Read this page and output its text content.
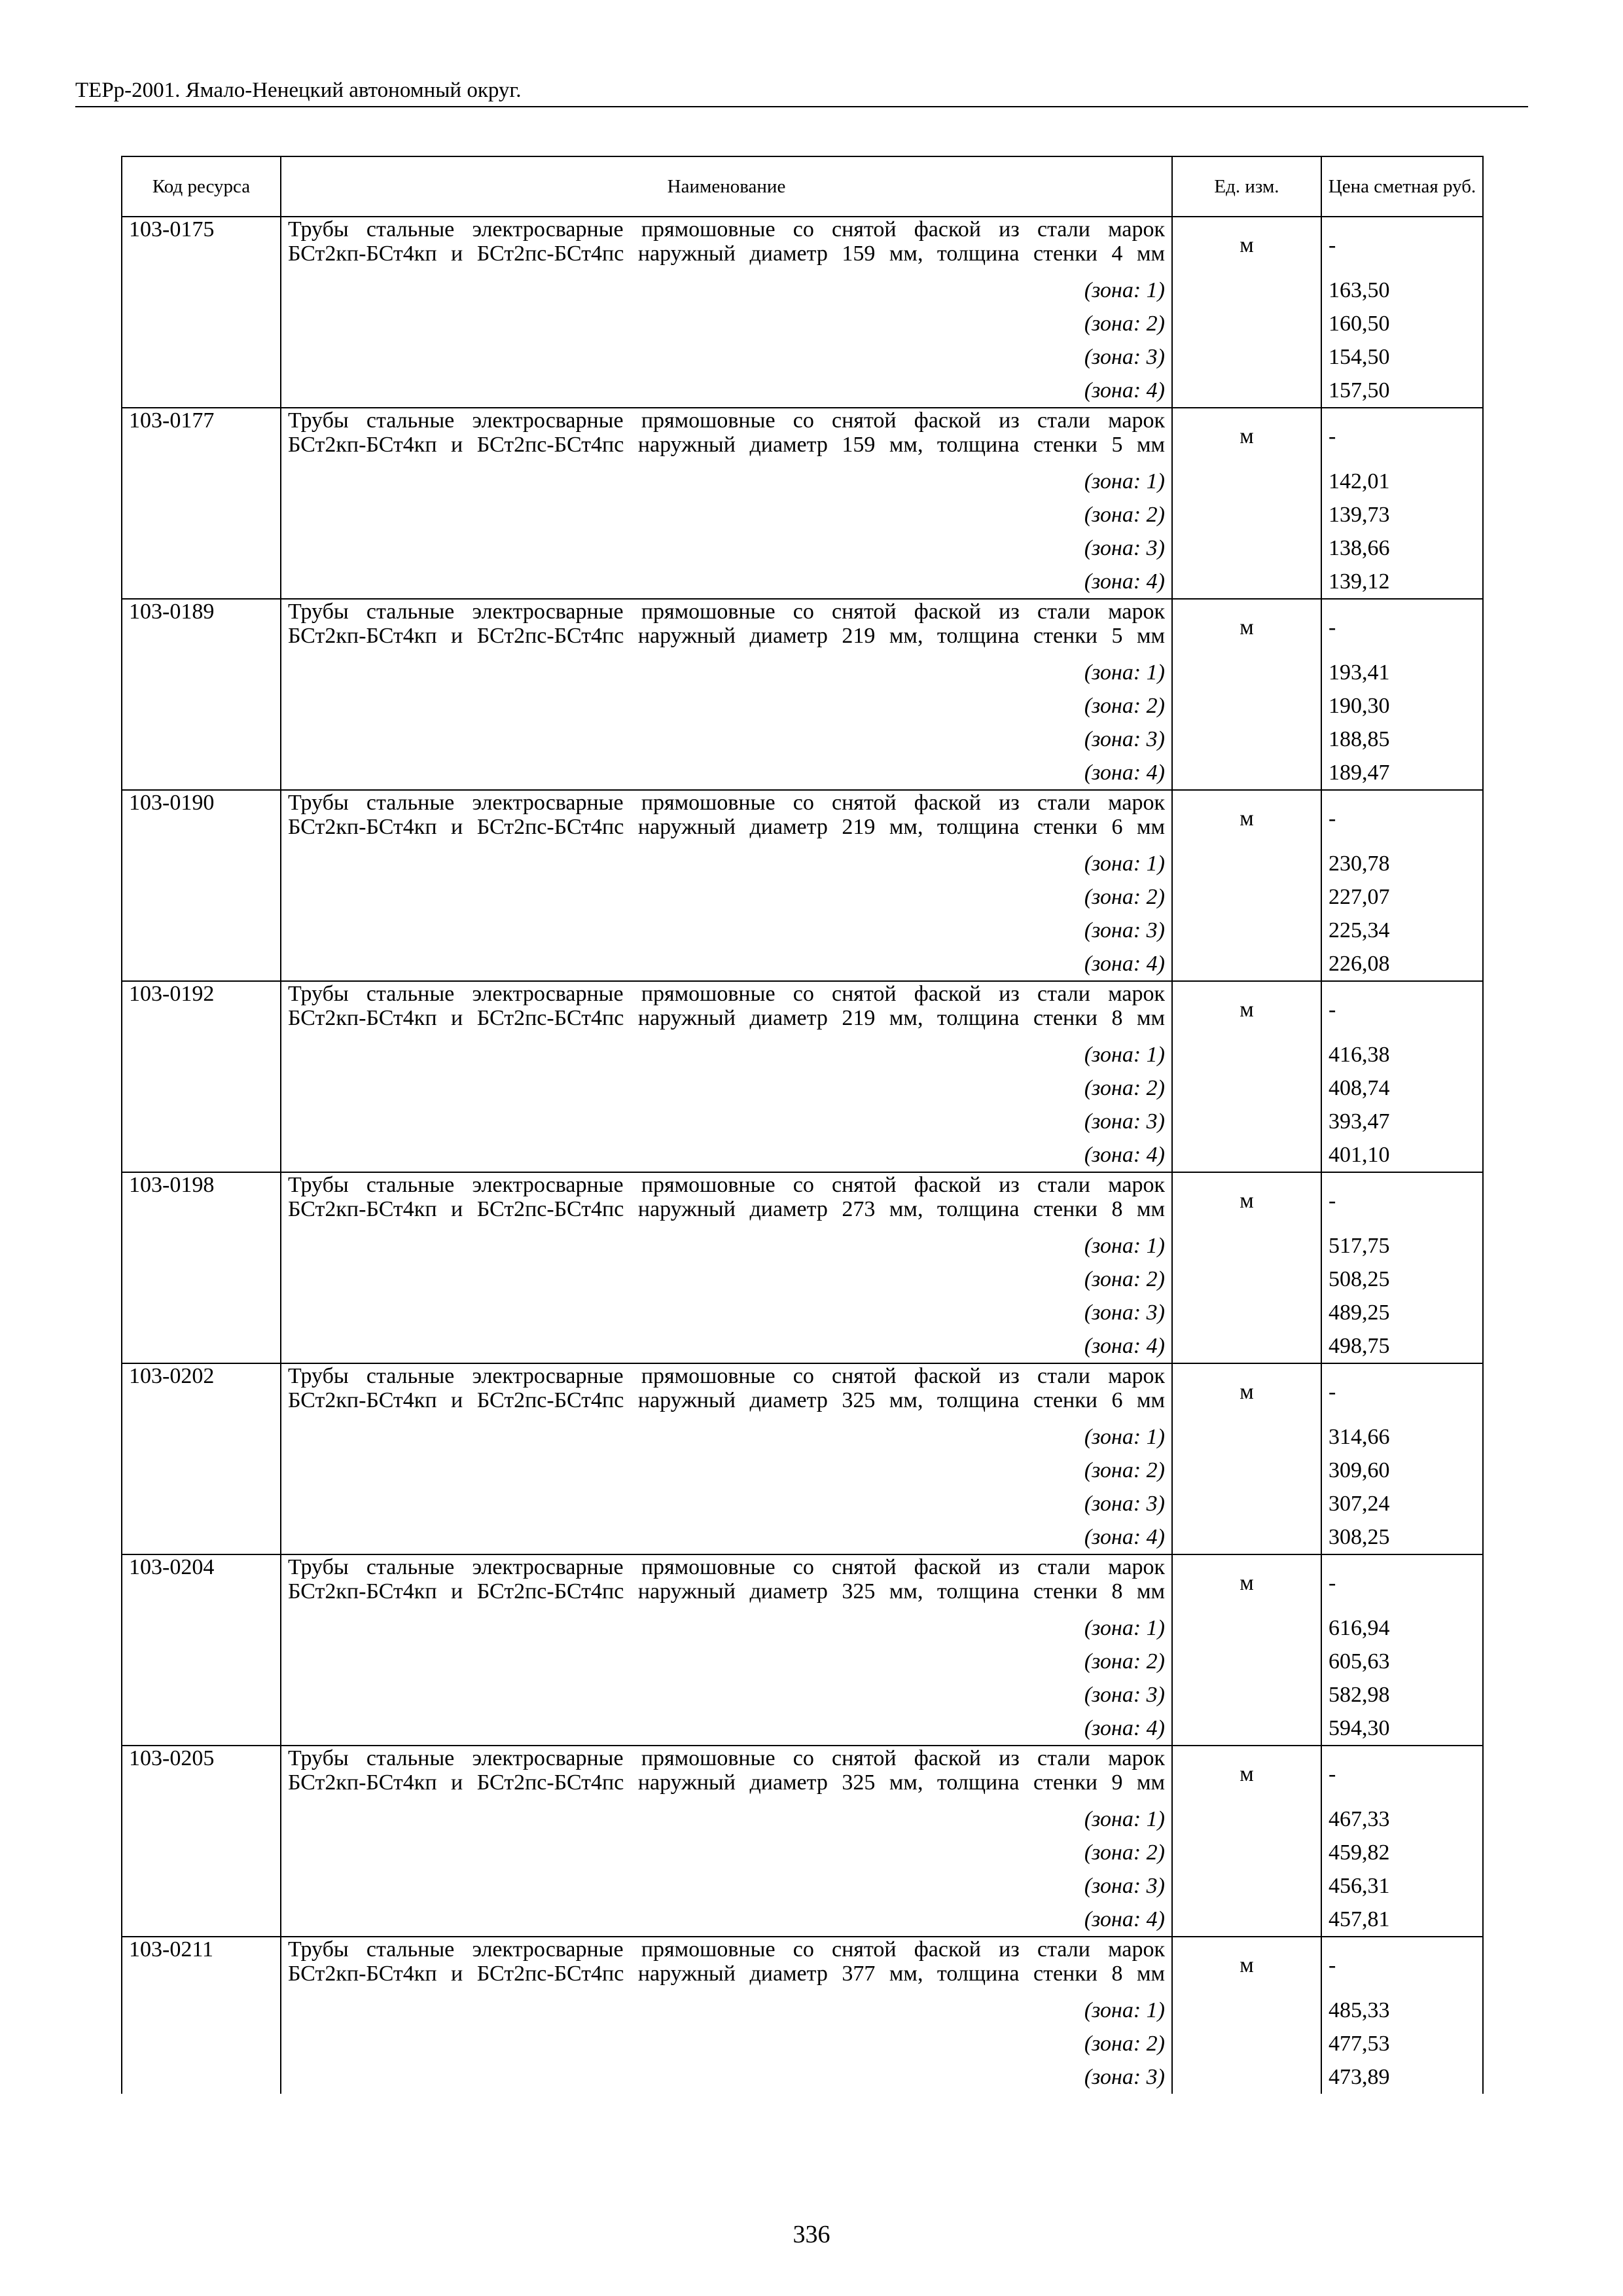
ТЕРр-2001. Ямало-Ненецкий автономный округ.
Код ресурса	Наименование	Ед. изм.	Цена сметная руб.
103-0175	Трубы стальные электросварные прямошовные со снятой фаской из стали марок
БСт2кп-БСт4кп и БСт2пс-БСт4пс наружный диаметр 159 мм, толщина стенки 4 мм	м	-
	(зона: 1)		163,50
	(зона: 2)		160,50
	(зона: 3)		154,50
	(зона: 4)		157,50
103-0177	Трубы стальные электросварные прямошовные со снятой фаской из стали марок
БСт2кп-БСт4кп и БСт2пс-БСт4пс наружный диаметр 159 мм, толщина стенки 5 мм	м	-
	(зона: 1)		142,01
	(зона: 2)		139,73
	(зона: 3)		138,66
	(зона: 4)		139,12
103-0189	Трубы стальные электросварные прямошовные со снятой фаской из стали марок
БСт2кп-БСт4кп и БСт2пс-БСт4пс наружный диаметр 219 мм, толщина стенки 5 мм	м	-
	(зона: 1)		193,41
	(зона: 2)		190,30
	(зона: 3)		188,85
	(зона: 4)		189,47
103-0190	Трубы стальные электросварные прямошовные со снятой фаской из стали марок
БСт2кп-БСт4кп и БСт2пс-БСт4пс наружный диаметр 219 мм, толщина стенки 6 мм	м	-
	(зона: 1)		230,78
	(зона: 2)		227,07
	(зона: 3)		225,34
	(зона: 4)		226,08
103-0192	Трубы стальные электросварные прямошовные со снятой фаской из стали марок
БСт2кп-БСт4кп и БСт2пс-БСт4пс наружный диаметр 219 мм, толщина стенки 8 мм	м	-
	(зона: 1)		416,38
	(зона: 2)		408,74
	(зона: 3)		393,47
	(зона: 4)		401,10
103-0198	Трубы стальные электросварные прямошовные со снятой фаской из стали марок
БСт2кп-БСт4кп и БСт2пс-БСт4пс наружный диаметр 273 мм, толщина стенки 8 мм	м	-
	(зона: 1)		517,75
	(зона: 2)		508,25
	(зона: 3)		489,25
	(зона: 4)		498,75
103-0202	Трубы стальные электросварные прямошовные со снятой фаской из стали марок
БСт2кп-БСт4кп и БСт2пс-БСт4пс наружный диаметр 325 мм, толщина стенки 6 мм	м	-
	(зона: 1)		314,66
	(зона: 2)		309,60
	(зона: 3)		307,24
	(зона: 4)		308,25
103-0204	Трубы стальные электросварные прямошовные со снятой фаской из стали марок
БСт2кп-БСт4кп и БСт2пс-БСт4пс наружный диаметр 325 мм, толщина стенки 8 мм	м	-
	(зона: 1)		616,94
	(зона: 2)		605,63
	(зона: 3)		582,98
	(зона: 4)		594,30
103-0205	Трубы стальные электросварные прямошовные со снятой фаской из стали марок
БСт2кп-БСт4кп и БСт2пс-БСт4пс наружный диаметр 325 мм, толщина стенки 9 мм	м	-
	(зона: 1)		467,33
	(зона: 2)		459,82
	(зона: 3)		456,31
	(зона: 4)		457,81
103-0211	Трубы стальные электросварные прямошовные со снятой фаской из стали марок
БСт2кп-БСт4кп и БСт2пс-БСт4пс наружный диаметр 377 мм, толщина стенки 8 мм	м	-
	(зона: 1)		485,33
	(зона: 2)		477,53
	(зона: 3)		473,89
336
